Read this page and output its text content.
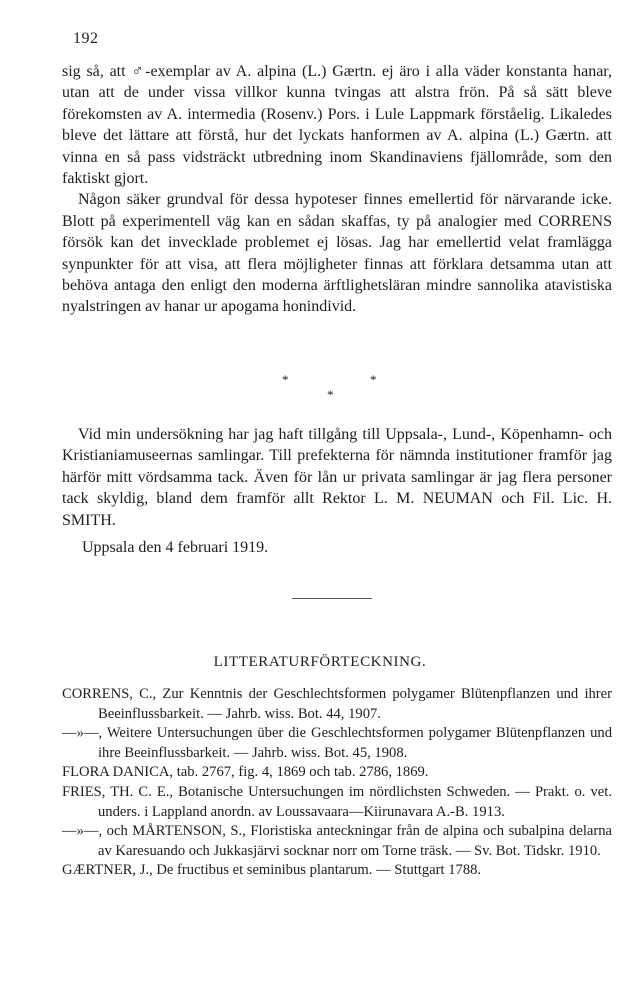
192

sig så, att ♂-exemplar av A. alpina (L.) Gærtn. ej äro i alla väder konstanta hanar, utan att de under vissa villkor kunna tvingas att alstra frön. På så sätt bleve förekomsten av A. intermedia (Rosenv.) Pors. i Lule Lappmark förståelig. Likaledes bleve det lättare att förstå, hur det lyckats hanformen av A. alpina (L.) Gærtn. att vinna en så pass vidsträckt utbredning inom Skandinaviens fjällområde, som den faktiskt gjort.

Någon säker grundval för dessa hypoteser finnes emellertid för närvarande icke. Blott på experimentell väg kan en sådan skaffas, ty på analogier med CORRENS försök kan det invecklade problemet ej lösas. Jag har emellertid velat framlägga synpunkter för att visa, att flera möjligheter finnas att förklara detsamma utan att behöva antaga den enligt den moderna ärftlighetsläran mindre sannolika atavistiska nyalstringen av hanar ur apogama honindivid.

*	*
*

Vid min undersökning har jag haft tillgång till Uppsala-, Lund-, Köpenhamn- och Kristianiamuseernas samlingar. Till prefekterna för nämnda institutioner framför jag härför mitt vördsamma tack. Även för lån ur privata samlingar är jag flera personer tack skyldig, bland dem framför allt Rektor L. M. NEUMAN och Fil. Lic. H. SMITH.

Uppsala den 4 februari 1919.

LITTERATURFÖRTECKNING.

CORRENS, C., Zur Kenntnis der Geschlechtsformen polygamer Blütenpflanzen und ihrer Beeinflussbarkeit. — Jahrb. wiss. Bot. 44, 1907.

—»—, Weitere Untersuchungen über die Geschlechtsformen polygamer Blütenpflanzen und ihre Beeinflussbarkeit. — Jahrb. wiss. Bot. 45, 1908.

FLORA DANICA, tab. 2767, fig. 4, 1869 och tab. 2786, 1869.

FRIES, TH. C. E., Botanische Untersuchungen im nördlichsten Schweden. — Prakt. o. vet. unders. i Lappland anordn. av Loussavaara—Kiirunavara A.-B. 1913.

—»—, och MÅRTENSON, S., Floristiska anteckningar från de alpina och subalpina delarna av Karesuando och Jukkasjärvi socknar norr om Torne träsk. — Sv. Bot. Tidskr. 1910.

GÆRTNER, J., De fructibus et seminibus plantarum. — Stuttgart 1788.
